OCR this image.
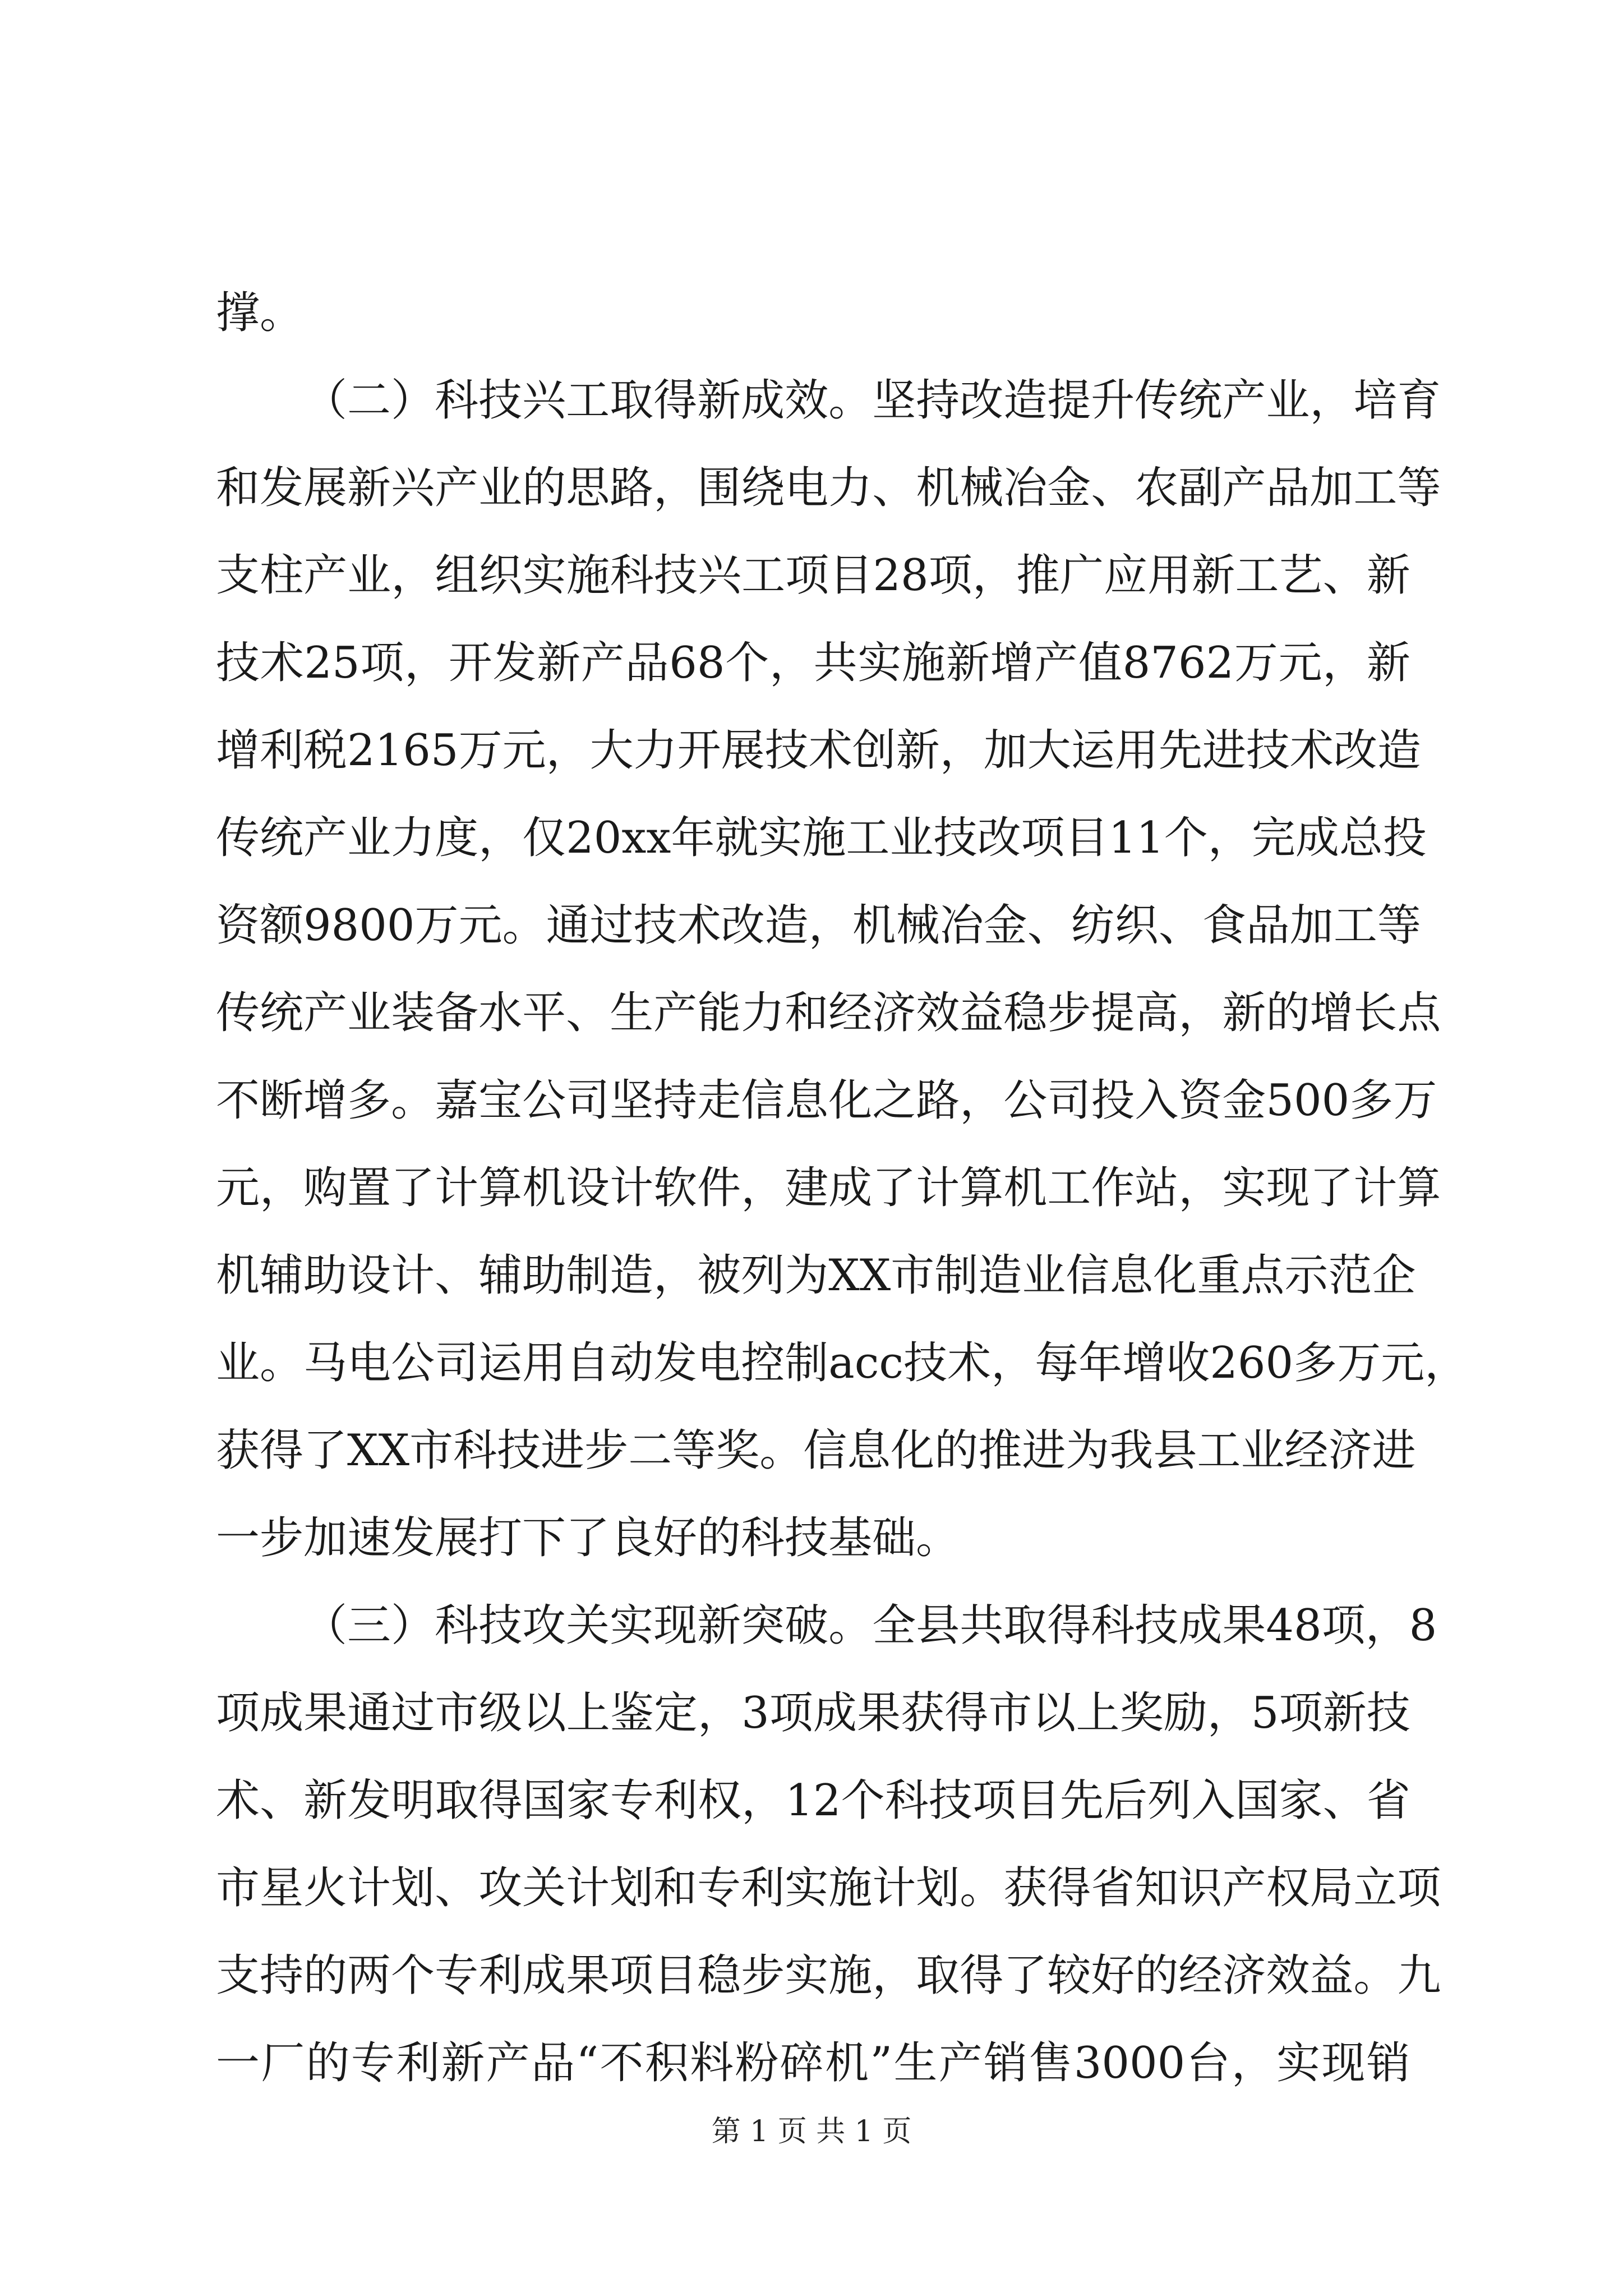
撑。
（ 二 ） 科 技 兴 工 取 得 新 成 效 。 坚 持 改 造 提 升 传 统 产 业 ， 培 育
和 发 展 新 兴 产 业 的 思 路 ， 围 绕 电 力 、 机 械 冶 金 、 农 副 产 品 加 工 等
支 柱 产 业 ， 组 织 实 施 科 技 兴 工 项 目 28 项 ， 推 广 应 用 新 工 艺 、 新
技 术 25 项 ， 开 发 新 产 品 68 个 ， 共 实 施 新 增 产 值 8762 万 元 ， 新
增 利 税 2165 万 元 ， 大 力 开 展 技 术 创 新 ， 加 大 运 用 先 进 技 术 改 造
传 统 产 业 力 度 ， 仅 20xx 年 就 实 施 工 业 技 改 项 目 11 个 ， 完 成 总 投
资 额 9800 万 元 。 通 过 技 术 改 造 ， 机 械 冶 金 、 纺 织 、 食 品 加 工 等
传 统 产 业 装 备 水 平 、 生 产 能 力 和 经 济 效 益 稳 步 提 高 ， 新 的 增 长 点
不 断 增 多 。 嘉 宝 公 司 坚 持 走 信 息 化 之 路 ， 公 司 投 入 资 金 500 多 万
元 ， 购 置 了 计 算 机 设 计 软 件 ， 建 成 了 计 算 机 工 作 站 ， 实 现 了 计 算
机 辅 助 设 计 、 辅 助 制 造 ， 被 列 为 XX 市 制 造 业 信 息 化 重 点 示 范 企
业 。 马 电 公 司 运 用 自 动 发 电 控 制 acc 技 术 ， 每 年 增 收 260 多 万 元 ，
获 得 了 XX 市 科 技 进 步 二 等 奖 。 信 息 化 的 推 进 为 我 县 工 业 经 济 进
一步加速发展打下了良好的科技基础。
（ 三 ） 科 技 攻 关 实 现 新 突 破 。 全 县 共 取 得 科 技 成 果 48 项 ， 8
项 成 果 通 过 市 级 以 上 鉴 定 ， 3 项 成 果 获 得 市 以 上 奖 励 ， 5 项 新 技
术 、 新 发 明 取 得 国 家 专 利 权 ， 12 个 科 技 项 目 先 后 列 入 国 家 、 省
市 星 火 计 划 、 攻 关 计 划 和 专 利 实 施 计 划 。 获 得 省 知 识 产 权 局 立 项
支 持 的 两 个 专 利 成 果 项 目 稳 步 实 施 ， 取 得 了 较 好 的 经 济 效 益 。 九
一 厂 的 专 利 新 产 品 “ 不 积 料 粉 碎 机 ” 生 产 销 售 3000 台 ， 实 现 销
第 1 页 共 1 页
